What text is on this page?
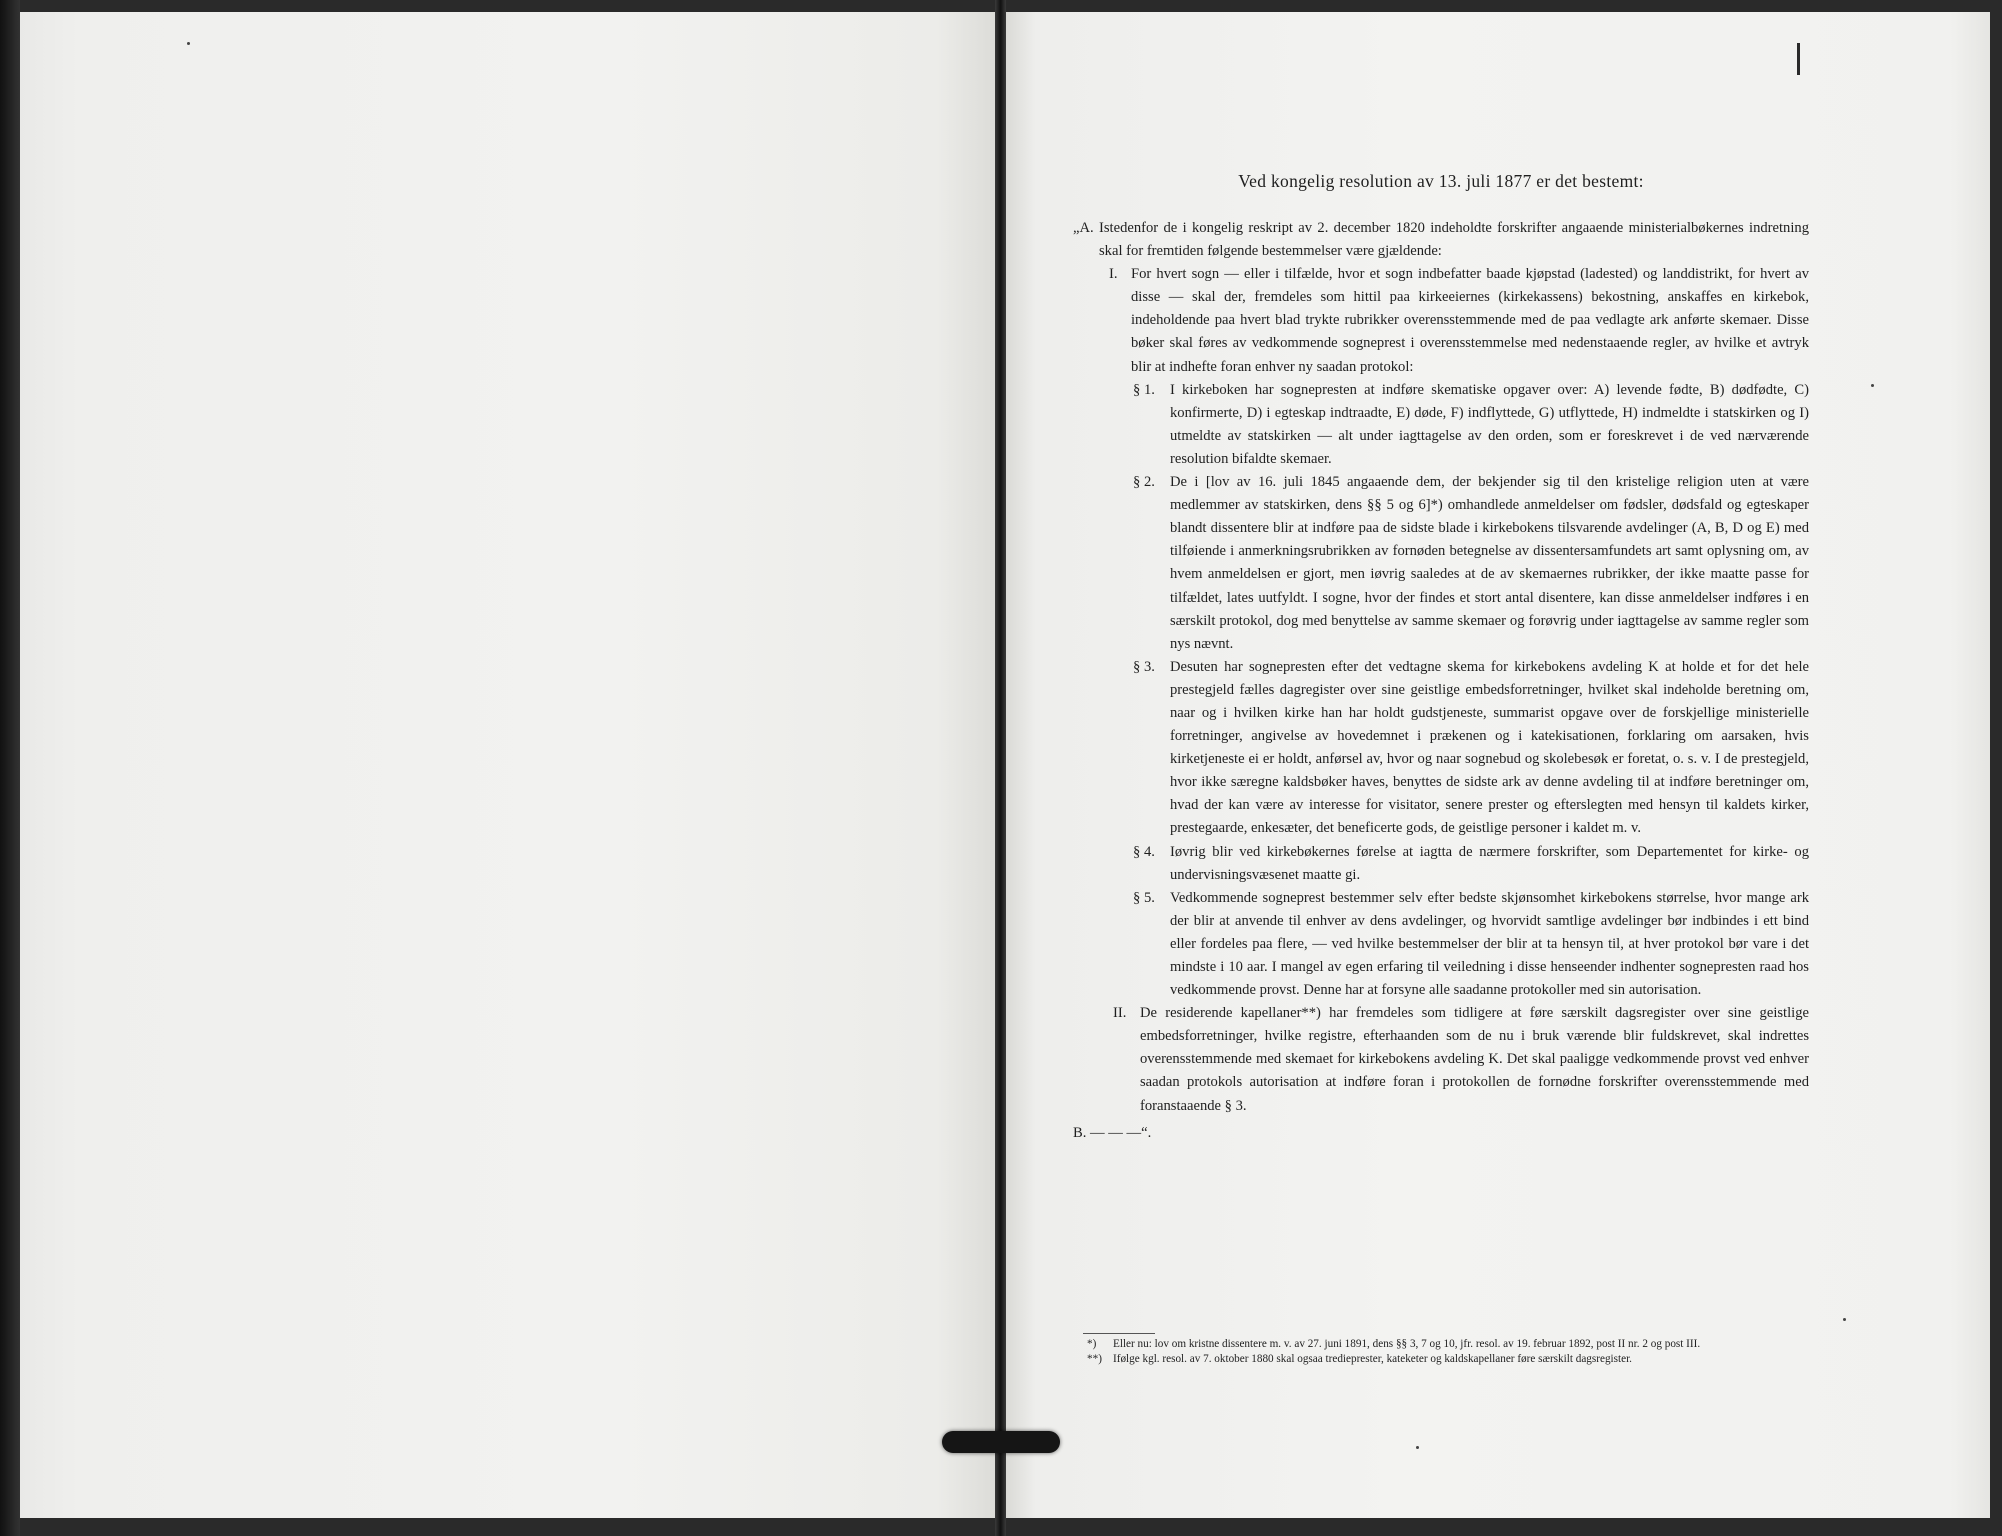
Ved kongelig resolution av 13. juli 1877 er det bestemt:
„A. Istedenfor de i kongelig reskript av 2. december 1820 indeholdte forskrifter angaaende ministerialbøkernes indretning skal for fremtiden følgende bestemmelser være gjældende:
I. For hvert sogn — eller i tilfælde, hvor et sogn indbefatter baade kjøpstad (ladested) og landdistrikt, for hvert av disse — skal der, fremdeles som hittil paa kirkeeiernes (kirkekassens) bekostning, anskaffes en kirkebok, indeholdende paa hvert blad trykte rubrikker overensstemmende med de paa vedlagte ark anførte skemaer. Disse bøker skal føres av vedkommende sogneprest i overensstemmelse med nedenstaaende regler, av hvilke et avtryk blir at indhefte foran enhver ny saadan protokol:
§ 1. I kirkeboken har sognepresten at indføre skematiske opgaver over: A) levende fødte, B) dødfødte, C) konfirmerte, D) i egteskap indtraadte, E) døde, F) indflyttede, G) utflyttede, H) indmeldte i statskirken og I) utmeldte av statskirken — alt under iagttagelse av den orden, som er foreskrevet i de ved nærværende resolution bifaldte skemaer.
§ 2. De i [lov av 16. juli 1845 angaaende dem, der bekjender sig til den kristelige religion uten at være medlemmer av statskirken, dens §§ 5 og 6]*) omhandlede anmeldelser om fødsler, dødsfald og egteskaper blandt dissentere blir at indføre paa de sidste blade i kirkebokens tilsvarende avdelinger (A, B, D og E) med tilføiende i anmerkningsrubrikken av fornøden betegnelse av dissentersamfundets art samt oplysning om, av hvem anmeldelsen er gjort, men iøvrig saaledes at de av skemaernes rubrikker, der ikke maatte passe for tilfældet, lates uutfyldt. I sogne, hvor der findes et stort antal disentere, kan disse anmeldelser indføres i en særskilt protokol, dog med benyttelse av samme skemaer og forøvrig under iagttagelse av samme regler som nys nævnt.
§ 3. Desuten har sognepresten efter det vedtagne skema for kirkebokens avdeling K at holde et for det hele prestegjeld fælles dagregister over sine geistlige embedsforretninger, hvilket skal indeholde beretning om, naar og i hvilken kirke han har holdt gudstjeneste, summarist opgave over de forskjellige ministerielle forretninger, angivelse av hovedemnet i prækenen og i katekisationen, forklaring om aarsaken, hvis kirketjeneste ei er holdt, anførsel av, hvor og naar sognebud og skolebesøk er foretat, o. s. v. I de prestegjeld, hvor ikke særegne kaldsbøker haves, benyttes de sidste ark av denne avdeling til at indføre beretninger om, hvad der kan være av interesse for visitator, senere prester og efterslegten med hensyn til kaldets kirker, prestegaarde, enkesæter, det beneficerte gods, de geistlige personer i kaldet m. v.
§ 4. Iøvrig blir ved kirkebøkernes førelse at iagtta de nærmere forskrifter, som Departementet for kirke- og undervisningsvæsenet maatte gi.
§ 5. Vedkommende sogneprest bestemmer selv efter bedste skjønsomhet kirkebokens størrelse, hvor mange ark der blir at anvende til enhver av dens avdelinger, og hvorvidt samtlige avdelinger bør indbindes i ett bind eller fordeles paa flere, — ved hvilke bestemmelser der blir at ta hensyn til, at hver protokol bør vare i det mindste i 10 aar. I mangel av egen erfaring til veiledning i disse henseender indhenter sognepresten raad hos vedkommende provst. Denne har at forsyne alle saadanne protokoller med sin autorisation.
II. De residerende kapellaner**) har fremdeles som tidligere at føre særskilt dagsregister over sine geistlige embedsforretninger, hvilke registre, efterhaanden som de nu i bruk værende blir fuldskrevet, skal indrettes overensstemmende med skemaet for kirkebokens avdeling K. Det skal paaligge vedkommende provst ved enhver saadan protokols autorisation at indføre foran i protokollen de fornødne forskrifter overensstemmende med foranstaaende § 3.
B. — — —“.
*) Eller nu: lov om kristne dissentere m. v. av 27. juni 1891, dens §§ 3, 7 og 10, jfr. resol. av 19. februar 1892, post II nr. 2 og post III.
**) Ifølge kgl. resol. av 7. oktober 1880 skal ogsaa tredieprester, kateketer og kaldskapellaner føre særskilt dagsregister.
